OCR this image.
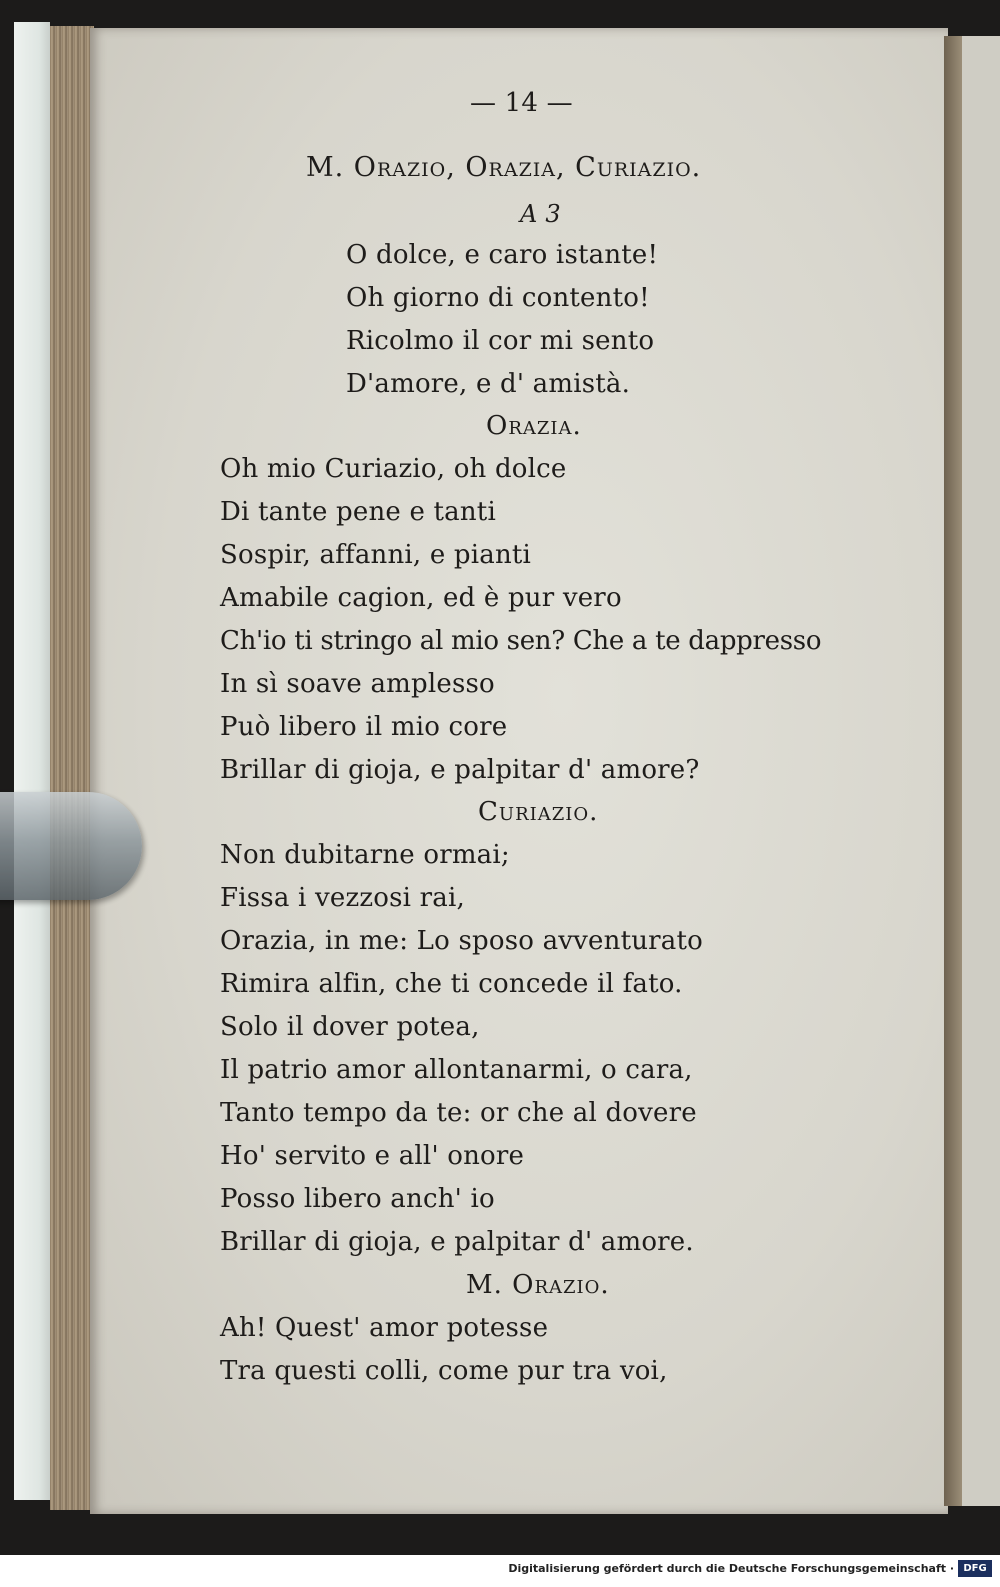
— 14 —
M. Orazio, Orazia, Curiazio.
A 3
O dolce, e caro istante!
Oh giorno di contento!
Ricolmo il cor mi sento
D'amore, e d' amistà.
Orazia.
Oh mio Curiazio, oh dolce
Di tante pene e tanti
Sospir, affanni, e pianti
Amabile cagion, ed è pur vero
Ch'io ti stringo al mio sen? Che a te dappresso
In sì soave amplesso
Può libero il mio core
Brillar di gioja, e palpitar d' amore?
Curiazio.
Non dubitarne ormai;
Fissa i vezzosi rai,
Orazia, in me: Lo sposo avventurato
Rimira alfin, che ti concede il fato.
Solo il dover potea,
Il patrio amor allontanarmi, o cara,
Tanto tempo da te: or che al dovere
Ho' servito e all' onore
Posso libero anch' io
Brillar di gioja, e palpitar d' amore.
M. Orazio.
Ah! Quest' amor potesse
Tra questi colli, come pur tra voi,
Digitalisierung gefördert durch die Deutsche Forschungsgemeinschaft · DFG
